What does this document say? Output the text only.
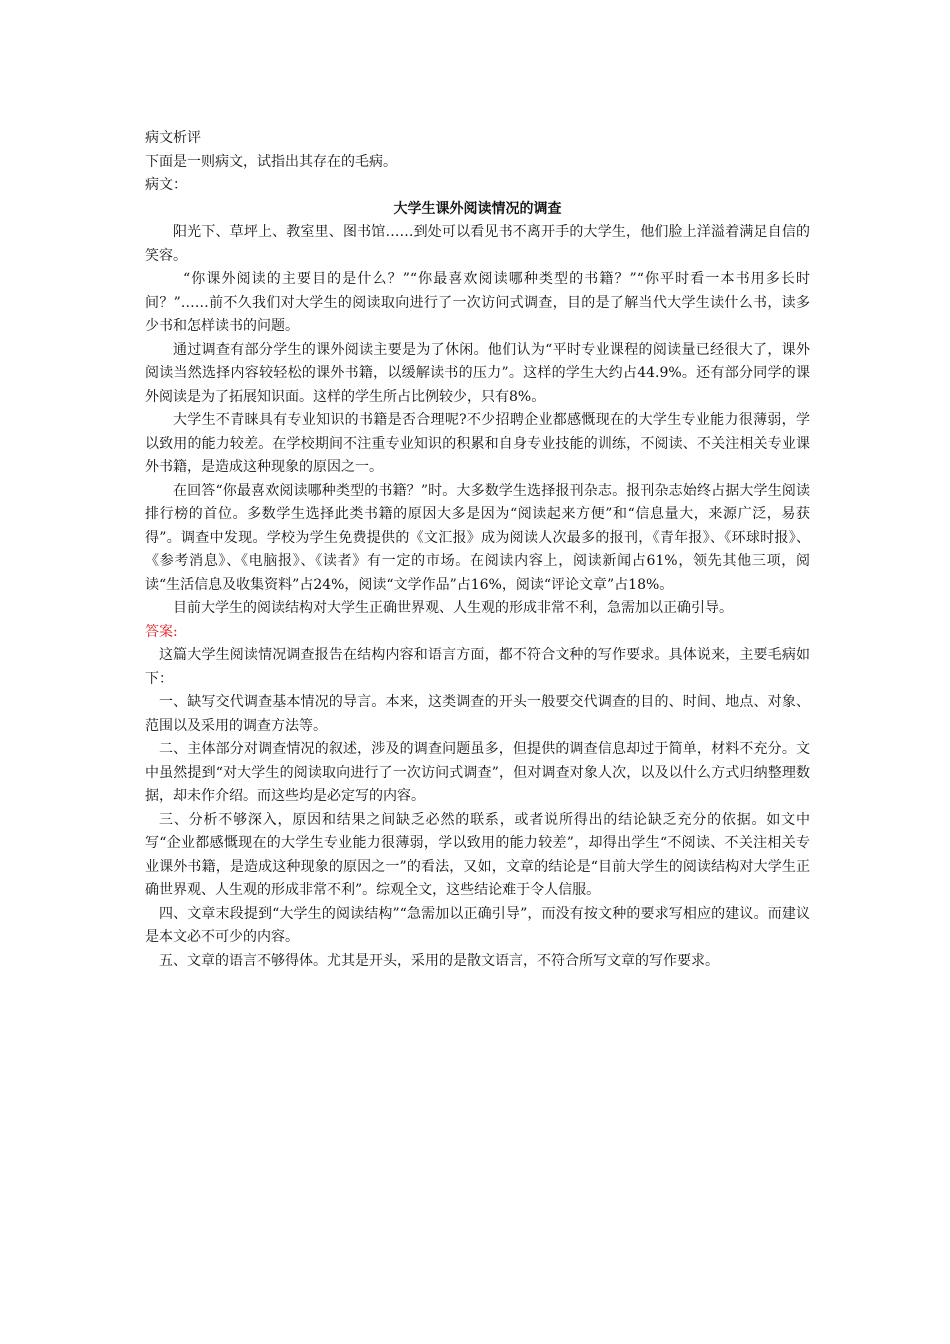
病文析评

下面是一则病文，试指出其存在的毛病。

病文：

大学生课外阅读情况的调查

阳光下、草坪上、教室里、图书馆……到处可以看见书不离开手的大学生，他们脸上洋溢着满足自信的笑容。

“你课外阅读的主要目的是什么？”“你最喜欢阅读哪种类型的书籍？”“你平时看一本书用多长时间？”……前不久我们对大学生的阅读取向进行了一次访问式调查，目的是了解当代大学生读什么书，读多少书和怎样读书的问题。

通过调查有部分学生的课外阅读主要是为了休闲。他们认为“平时专业课程的阅读量已经很大了，课外阅读当然选择内容较轻松的课外书籍，以缓解读书的压力”。这样的学生大约占44.9%。还有部分同学的课外阅读是为了拓展知识面。这样的学生所占比例较少，只有8%。

大学生不青睐具有专业知识的书籍是否合理呢?不少招聘企业都感慨现在的大学生专业能力很薄弱，学以致用的能力较差。在学校期间不注重专业知识的积累和自身专业技能的训练，不阅读、不关注相关专业课外书籍，是造成这种现象的原因之一。

在回答“你最喜欢阅读哪种类型的书籍？”时。大多数学生选择报刊杂志。报刊杂志始终占据大学生阅读排行榜的首位。多数学生选择此类书籍的原因大多是因为“阅读起来方便”和“信息量大，来源广泛，易获得”。调查中发现。学校为学生免费提供的《文汇报》成为阅读人次最多的报刊，《青年报》、《环球时报》、《参考消息》、《电脑报》、《读者》有一定的市场。在阅读内容上，阅读新闻占61%，领先其他三项，阅读“生活信息及收集资料”占24%，阅读“文学作品”占16%，阅读“评论文章”占18%。

目前大学生的阅读结构对大学生正确世界观、人生观的形成非常不利，急需加以正确引导。

答案:

这篇大学生阅读情况调查报告在结构内容和语言方面，都不符合文种的写作要求。具体说来，主要毛病如下：

一、缺写交代调查基本情况的导言。本来，这类调查的开头一般要交代调查的目的、时间、地点、对象、范围以及采用的调查方法等。

二、主体部分对调查情况的叙述，涉及的调查问题虽多，但提供的调查信息却过于简单，材料不充分。文中虽然提到“对大学生的阅读取向进行了一次访问式调查”，但对调查对象人次，以及以什么方式归纳整理数据，却未作介绍。而这些均是必定写的内容。

三、分析不够深入，原因和结果之间缺乏必然的联系，或者说所得出的结论缺乏充分的依据。如文中写“企业都感慨现在的大学生专业能力很薄弱，学以致用的能力较差”，却得出学生“不阅读、不关注相关专业课外书籍，是造成这种现象的原因之一”的看法，又如，文章的结论是“目前大学生的阅读结构对大学生正确世界观、人生观的形成非常不利”。综观全文，这些结论难于令人信服。

四、文章末段提到“大学生的阅读结构”“急需加以正确引导”，而没有按文种的要求写相应的建议。而建议是本文必不可少的内容。

五、文章的语言不够得体。尤其是开头，采用的是散文语言，不符合所写文章的写作要求。
